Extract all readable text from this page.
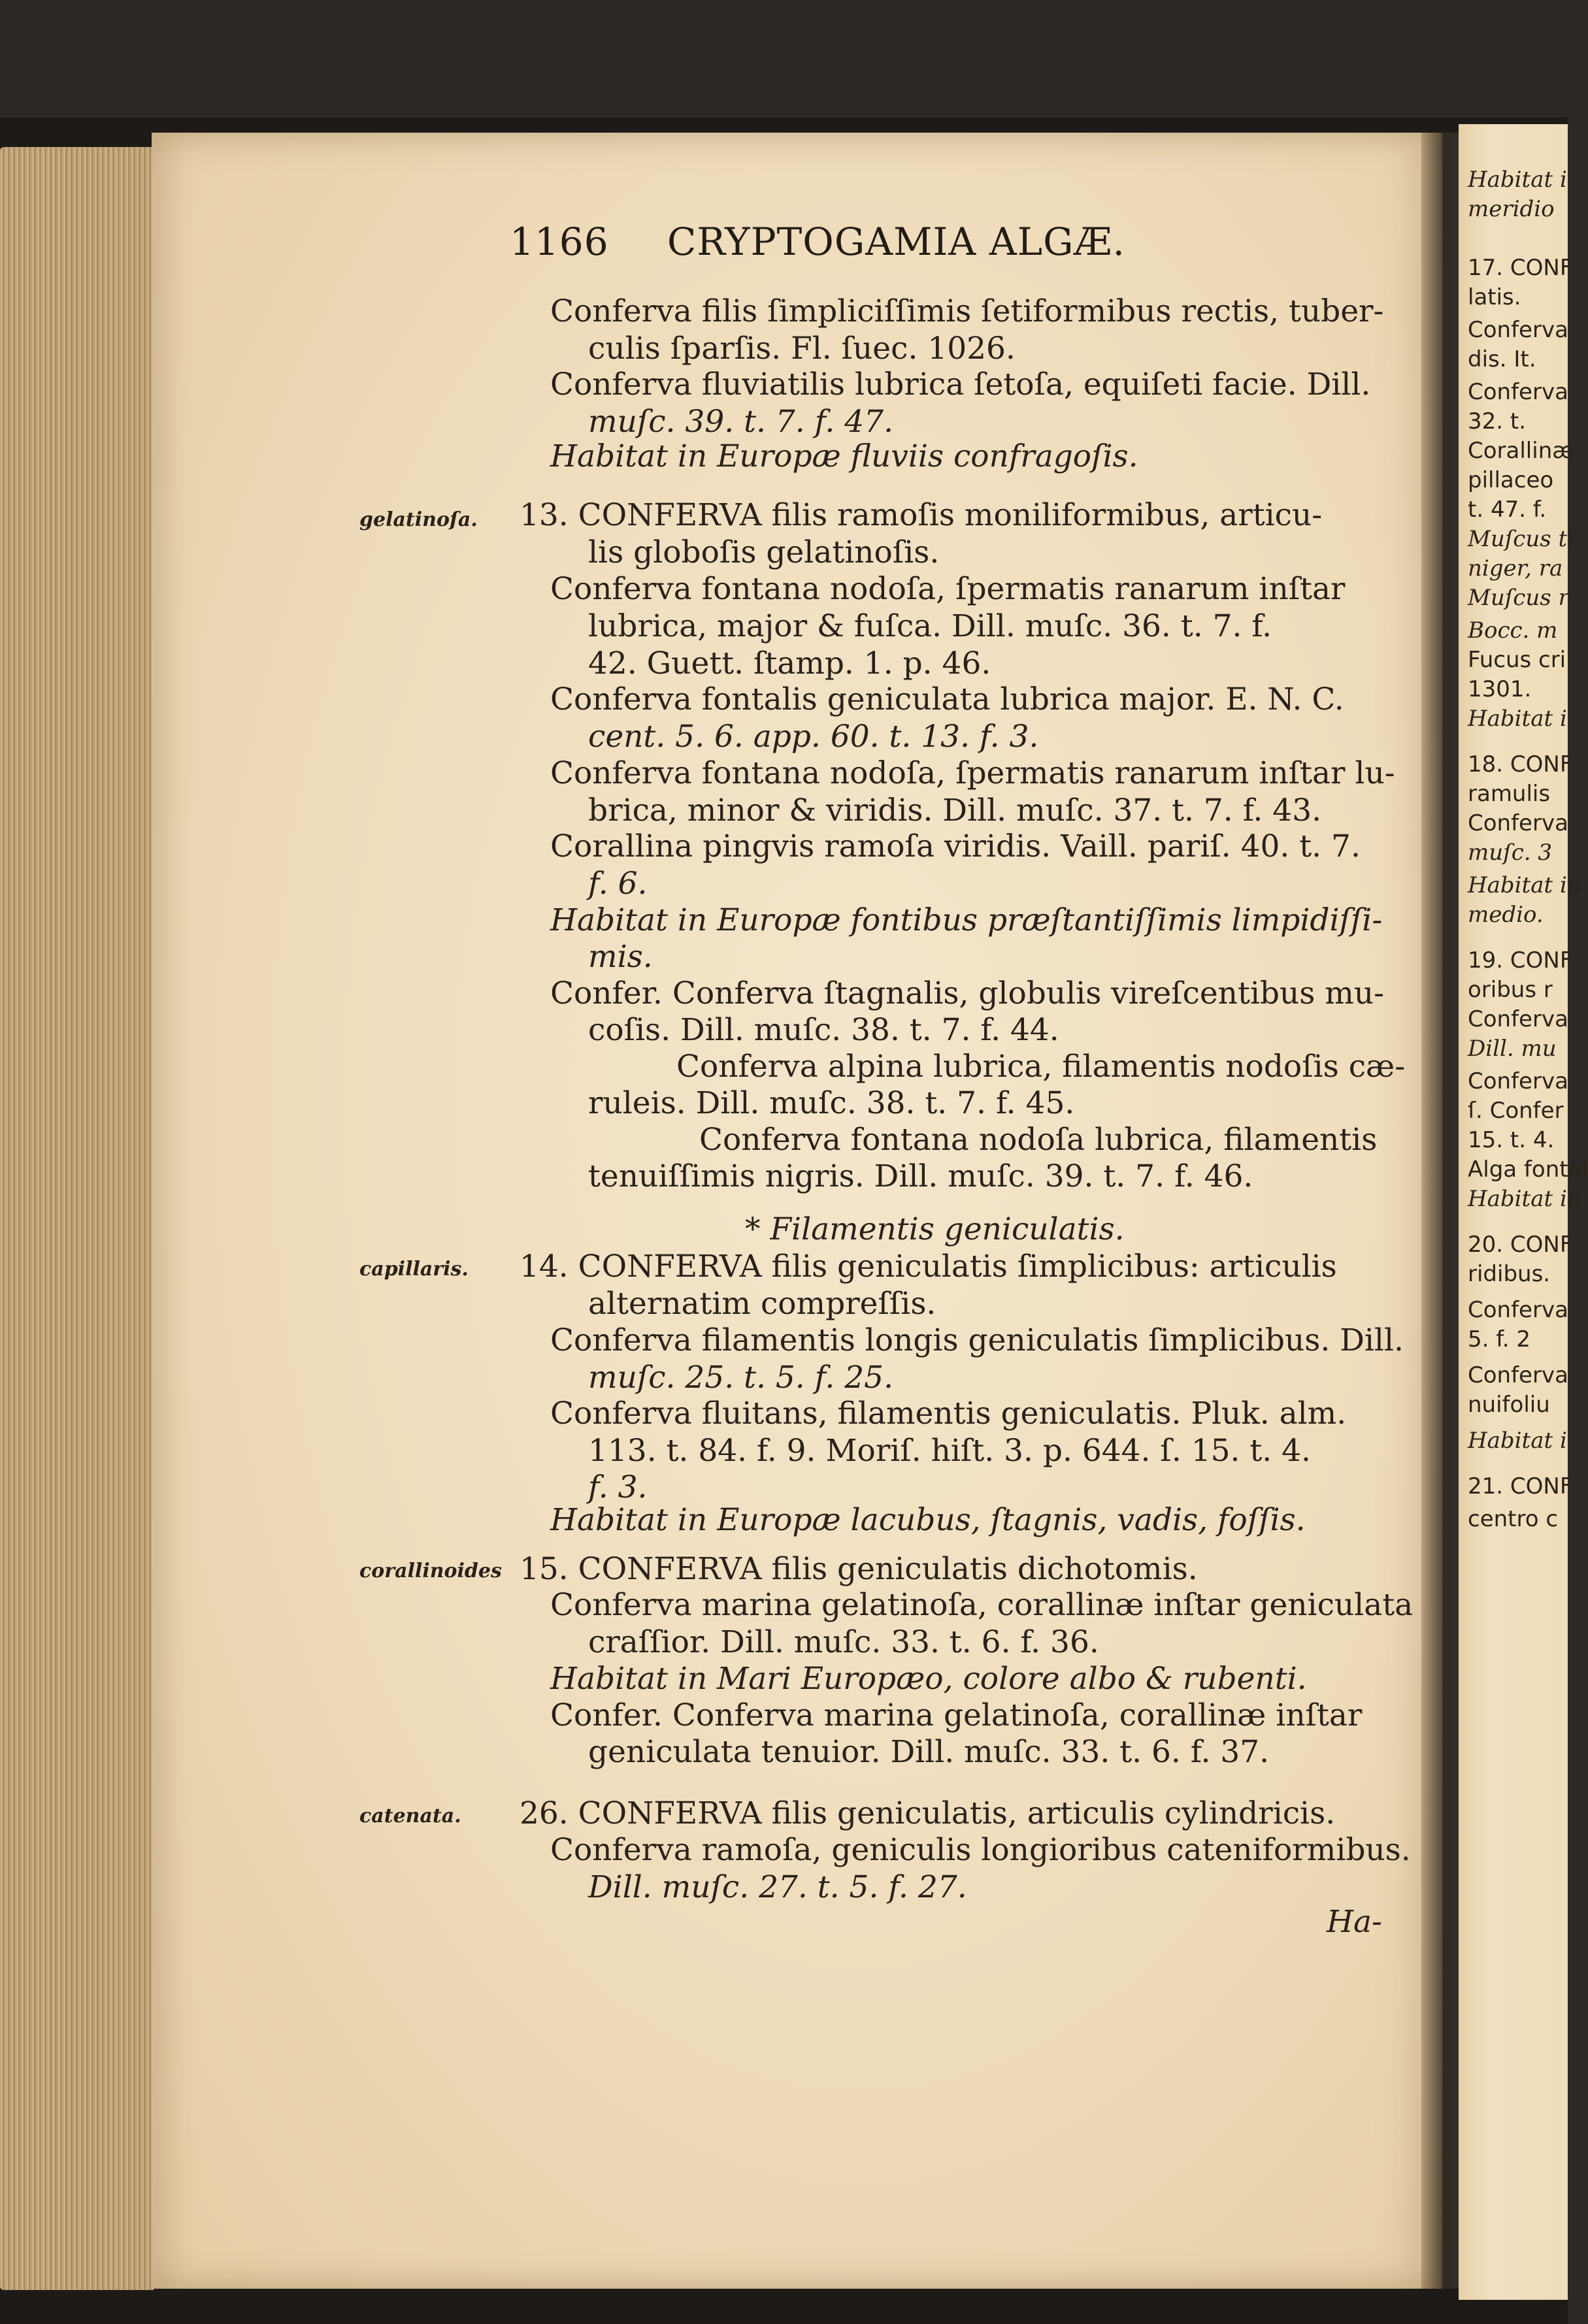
Habitat i
meridio
17. CONF
latis.
Conferva
dis. It.
Conferva
32. t.
Corallinæ
pillaceo
t. 47. f.
Muſcus tr
niger, ra
Muſcus r
Bocc. m
Fucus cri
1301.
Habitat i
18. CONF
ramulis
Conferva
muſc. 3
Habitat in
medio.
19. CONF
oribus r
Conferva
Dill. mu
Conferva
ſ. Confer
15. t. 4.
Alga fontal
Habitat in
20. CONF
ridibus.
Conferva
5. f. 2
Conferva
nuifoliu
Habitat i
21. CONF
centro c
1166 CRYPTOGAMIA ALGÆ.
Conferva filis ſimpliciſſimis ſetiformibus rectis, tuber-
culis ſparſis. Fl. ſuec. 1026.
Conferva fluviatilis lubrica ſetoſa, equiſeti facie. Dill.
muſc. 39. t. 7. f. 47.
Habitat in Europæ fluviis confragoſis.
13. CONFERVA filis ramoſis moniliformibus, articu-
lis globoſis gelatinoſis.
Conferva fontana nodoſa, ſpermatis ranarum inſtar
lubrica, major & fuſca. Dill. muſc. 36. t. 7. f.
42. Guett. ſtamp. 1. p. 46.
Conferva fontalis geniculata lubrica major. E. N. C.
cent. 5. 6. app. 60. t. 13. f. 3.
Conferva fontana nodoſa, ſpermatis ranarum inſtar lu-
brica, minor & viridis. Dill. muſc. 37. t. 7. f. 43.
Corallina pingvis ramoſa viridis. Vaill. pariſ. 40. t. 7.
f. 6.
Habitat in Europæ fontibus præſtantiſſimis limpidiſſi-
mis.
Confer. Conferva ſtagnalis, globulis vireſcentibus mu-
coſis. Dill. muſc. 38. t. 7. f. 44.
Conferva alpina lubrica, filamentis nodoſis cæ-
ruleis. Dill. muſc. 38. t. 7. f. 45.
Conferva fontana nodoſa lubrica, filamentis
tenuiſſimis nigris. Dill. muſc. 39. t. 7. f. 46.
* Filamentis geniculatis.
14. CONFERVA filis geniculatis ſimplicibus: articulis
alternatim compreſſis.
Conferva filamentis longis geniculatis ſimplicibus. Dill.
muſc. 25. t. 5. f. 25.
Conferva fluitans, filamentis geniculatis. Pluk. alm.
113. t. 84. f. 9. Moriſ. hiſt. 3. p. 644. ſ. 15. t. 4.
f. 3.
Habitat in Europæ lacubus, ſtagnis, vadis, foſſis.
15. CONFERVA filis geniculatis dichotomis.
Conferva marina gelatinoſa, corallinæ inſtar geniculata
craſſior. Dill. muſc. 33. t. 6. f. 36.
Habitat in Mari Europæo, colore albo & rubenti.
Confer. Conferva marina gelatinoſa, corallinæ inſtar
geniculata tenuior. Dill. muſc. 33. t. 6. f. 37.
26. CONFERVA filis geniculatis, articulis cylindricis.
Conferva ramoſa, geniculis longioribus cateniformibus.
Dill. muſc. 27. t. 5. f. 27.
Ha-
gelatinoſa.
capillaris.
corallinoides
catenata.
